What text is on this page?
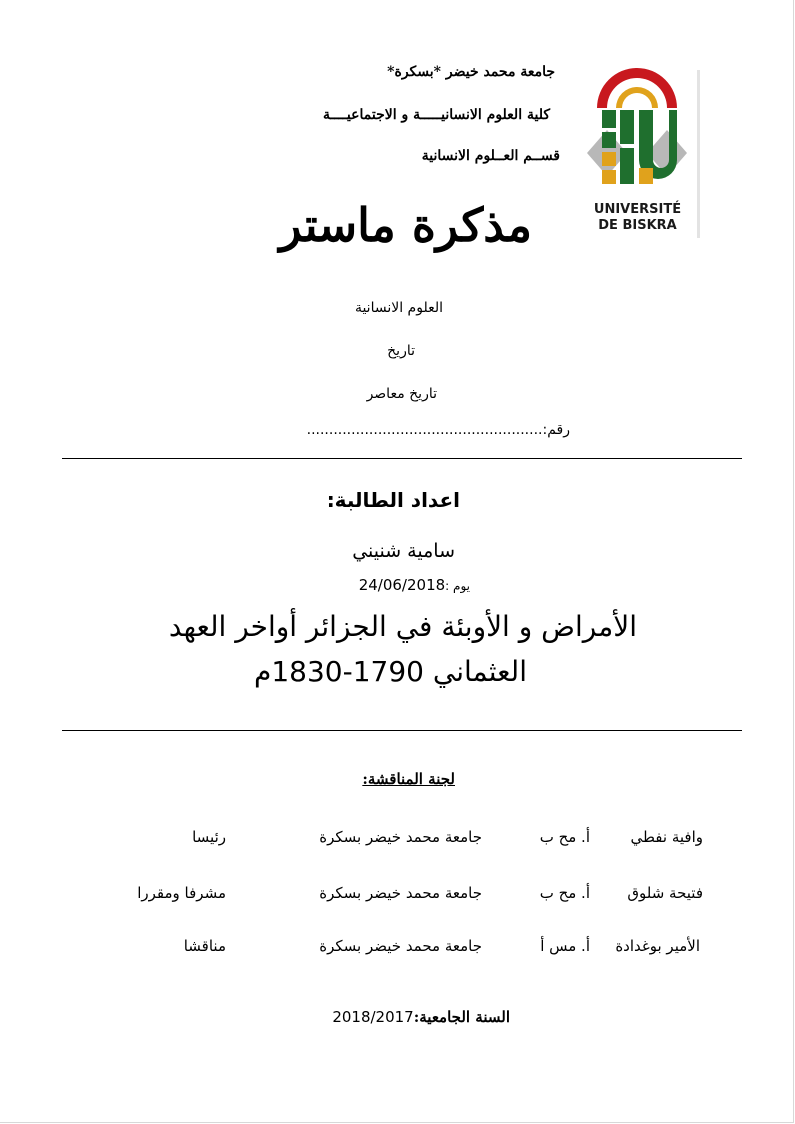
جامعة محمد خيضر *بسكرة*
كلية العلوم الانسانيـــــة و الاجتماعيــــة
قســم العــلوم الانسانية
UNIVERSITÉ
DE BISKRA
مذكرة ماستر
العلوم الانسانية
تاريخ
تاريخ معاصر
رقم:.....................................................
اعداد الطالبة:
سامية شنيني
يوم :24/06/2018
الأمراض و الأوبئة في الجزائر أواخر العهد
العثماني 1790-1830م
لجنة المناقشة:
وافية نفطي
أ. مح ب
جامعة محمد خيضر بسكرة
رئيسا
فتيحة شلوق
أ. مح ب
جامعة محمد خيضر بسكرة
مشرفا ومقررا
الأمير بوغدادة
أ. مس أ
جامعة محمد خيضر بسكرة
مناقشا
السنة الجامعية:2018/2017
